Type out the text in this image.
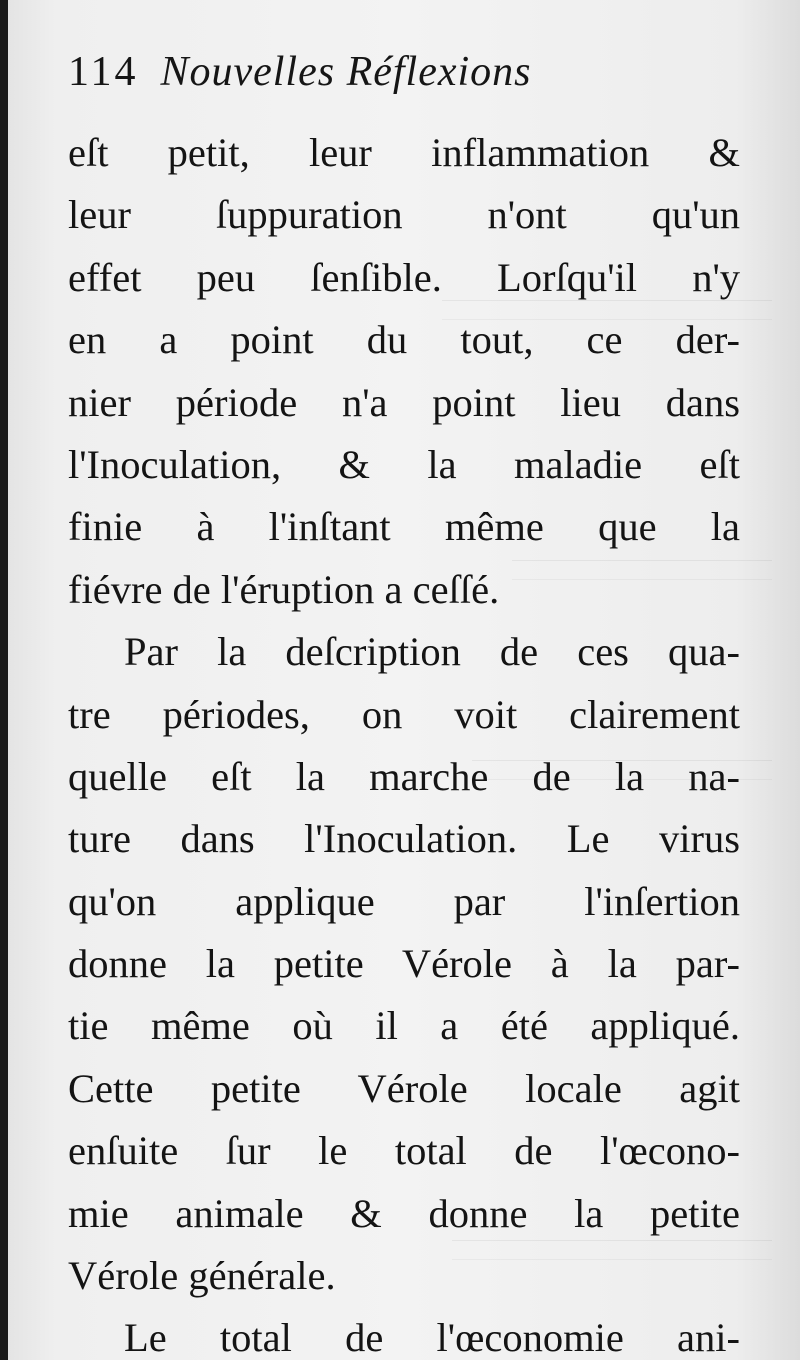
114 Nouvelles Réflexions
eſt petit, leur inflammation &
leur ſuppuration n'ont qu'un
effet peu ſenſible. Lorſqu'il n'y
en a point du tout, ce der-
nier période n'a point lieu dans
l'Inoculation, & la maladie eſt
finie à l'inſtant même que la
fiévre de l'éruption a ceſſé.
Par la deſcription de ces qua-
tre périodes, on voit clairement
quelle eſt la marche de la na-
ture dans l'Inoculation. Le virus
qu'on applique par l'inſertion
donne la petite Vérole à la par-
tie même où il a été appliqué.
Cette petite Vérole locale agit
enſuite ſur le total de l'œcono-
mie animale & donne la petite
Vérole générale.
Le total de l'œconomie ani-
